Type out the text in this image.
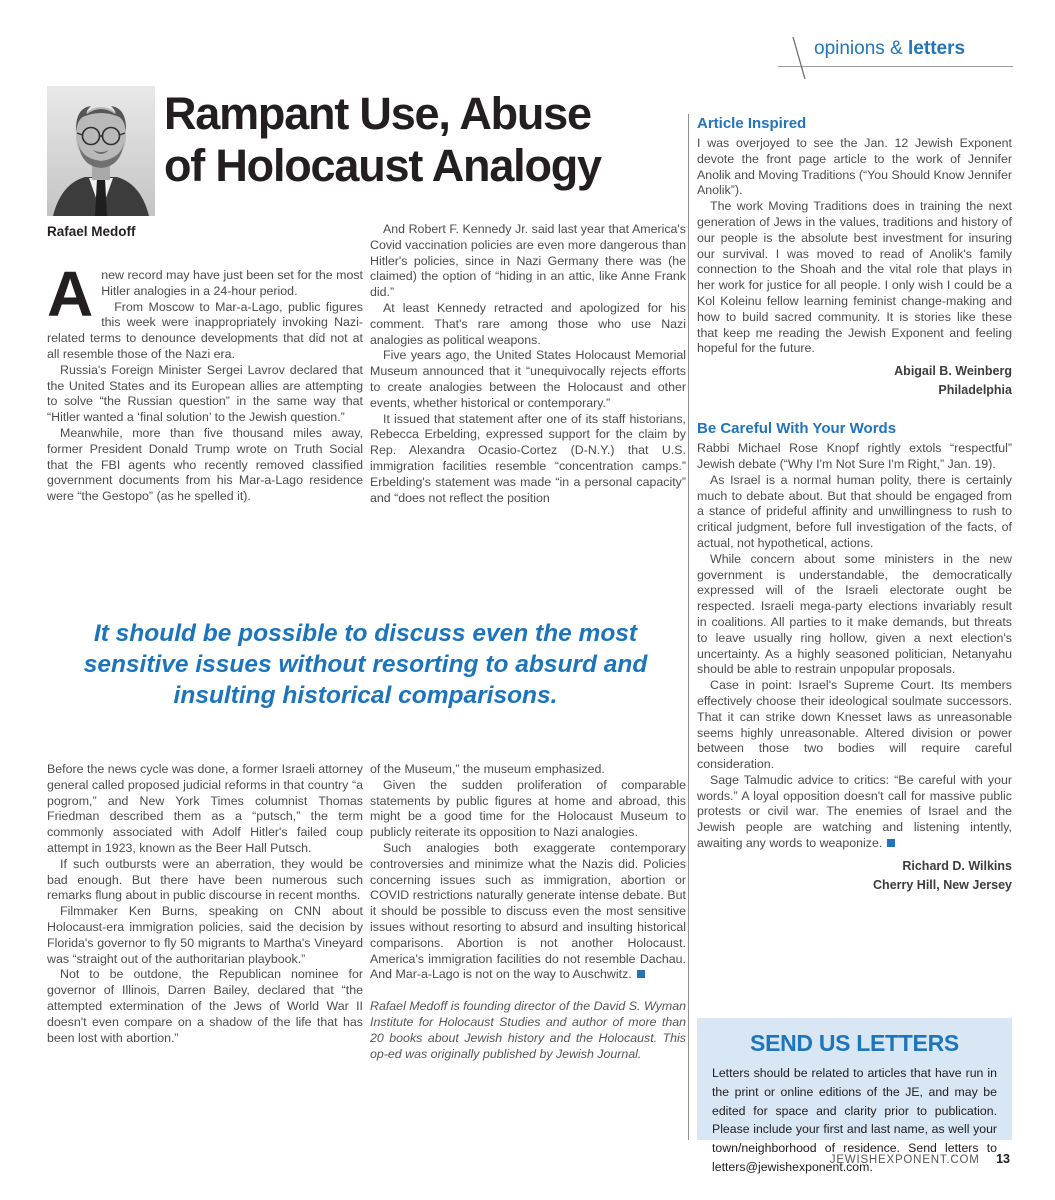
opinions & letters
Rampant Use, Abuse
of Holocaust Analogy
Rafael Medoff
A new record may have just been set for the most Hitler analogies in a 24-hour period.

From Moscow to Mar-a-Lago, public figures this week were inappropriately invoking Nazi-related terms to denounce developments that did not at all resemble those of the Nazi era.

Russia's Foreign Minister Sergei Lavrov declared that the United States and its European allies are attempting to solve “the Russian question” in the same way that “Hitler wanted a ‘final solution’ to the Jewish question.”

Meanwhile, more than five thousand miles away, former President Donald Trump wrote on Truth Social that the FBI agents who recently removed classified government documents from his Mar-a-Lago residence were “the Gestopo” (as he spelled it).

And Robert F. Kennedy Jr. said last year that America's Covid vaccination policies are even more dangerous than Hitler's policies, since in Nazi Germany there was (he claimed) the option of “hiding in an attic, like Anne Frank did.”

At least Kennedy retracted and apologized for his comment. That's rare among those who use Nazi analogies as political weapons.

Five years ago, the United States Holocaust Memorial Museum announced that it “unequivocally rejects efforts to create analogies between the Holocaust and other events, whether historical or contemporary.”

It issued that statement after one of its staff historians, Rebecca Erbelding, expressed support for the claim by Rep. Alexandra Ocasio-Cortez (D-N.Y.) that U.S. immigration facilities resemble “concentration camps.” Erbelding's statement was made “in a personal capacity” and “does not reflect the position

It should be possible to discuss even the most sensitive issues without resorting to absurd and insulting historical comparisons.

Before the news cycle was done, a former Israeli attorney general called proposed judicial reforms in that country “a pogrom,” and New York Times columnist Thomas Friedman described them as a “putsch,” the term commonly associated with Adolf Hitler's failed coup attempt in 1923, known as the Beer Hall Putsch.

If such outbursts were an aberration, they would be bad enough. But there have been numerous such remarks flung about in public discourse in recent months.

Filmmaker Ken Burns, speaking on CNN about Holocaust-era immigration policies, said the decision by Florida's governor to fly 50 migrants to Martha's Vineyard was “straight out of the authoritarian playbook.”

Not to be outdone, the Republican nominee for governor of Illinois, Darren Bailey, declared that “the attempted extermination of the Jews of World War II doesn't even compare on a shadow of the life that has been lost with abortion.”

of the Museum,” the museum emphasized.

Given the sudden proliferation of comparable statements by public figures at home and abroad, this might be a good time for the Holocaust Museum to publicly reiterate its opposition to Nazi analogies.

Such analogies both exaggerate contemporary controversies and minimize what the Nazis did. Policies concerning issues such as immigration, abortion or COVID restrictions naturally generate intense debate. But it should be possible to discuss even the most sensitive issues without resorting to absurd and insulting historical comparisons. Abortion is not another Holocaust. America's immigration facilities do not resemble Dachau. And Mar-a-Lago is not on the way to Auschwitz.

Rafael Medoff is founding director of the David S. Wyman Institute for Holocaust Studies and author of more than 20 books about Jewish history and the Holocaust. This op-ed was originally published by Jewish Journal.

Article Inspired

I was overjoyed to see the Jan. 12 Jewish Exponent devote the front page article to the work of Jennifer Anolik and Moving Traditions (“You Should Know Jennifer Anolik”).

The work Moving Traditions does in training the next generation of Jews in the values, traditions and history of our people is the absolute best investment for insuring our survival. I was moved to read of Anolik's family connection to the Shoah and the vital role that plays in her work for justice for all people. I only wish I could be a Kol Koleinu fellow learning feminist change-making and how to build sacred community. It is stories like these that keep me reading the Jewish Exponent and feeling hopeful for the future.

Abigail B. Weinberg
Philadelphia
Be Careful With Your Words

Rabbi Michael Rose Knopf rightly extols “respectful” Jewish debate (“Why I'm Not Sure I'm Right,” Jan. 19).

As Israel is a normal human polity, there is certainly much to debate about. But that should be engaged from a stance of prideful affinity and unwillingness to rush to critical judgment, before full investigation of the facts, of actual, not hypothetical, actions.

While concern about some ministers in the new government is understandable, the democratically expressed will of the Israeli electorate ought be respected. Israeli mega-party elections invariably result in coalitions. All parties to it make demands, but threats to leave usually ring hollow, given a next election's uncertainty. As a highly seasoned politician, Netanyahu should be able to restrain unpopular proposals.

Case in point: Israel's Supreme Court. Its members effectively choose their ideological soulmate successors. That it can strike down Knesset laws as unreasonable seems highly unreasonable. Altered division or power between those two bodies will require careful consideration.

Sage Talmudic advice to critics: “Be careful with your words.” A loyal opposition doesn't call for massive public protests or civil war. The enemies of Israel and the Jewish people are watching and listening intently, awaiting any words to weaponize.

Richard D. Wilkins
Cherry Hill, New Jersey
SEND US LETTERS

Letters should be related to articles that have run in the print or online editions of the JE, and may be edited for space and clarity prior to publication. Please include your first and last name, as well your town/neighborhood of residence. Send letters to letters@jewishexponent.com.

JEWISHEXPONENT.COM 13
